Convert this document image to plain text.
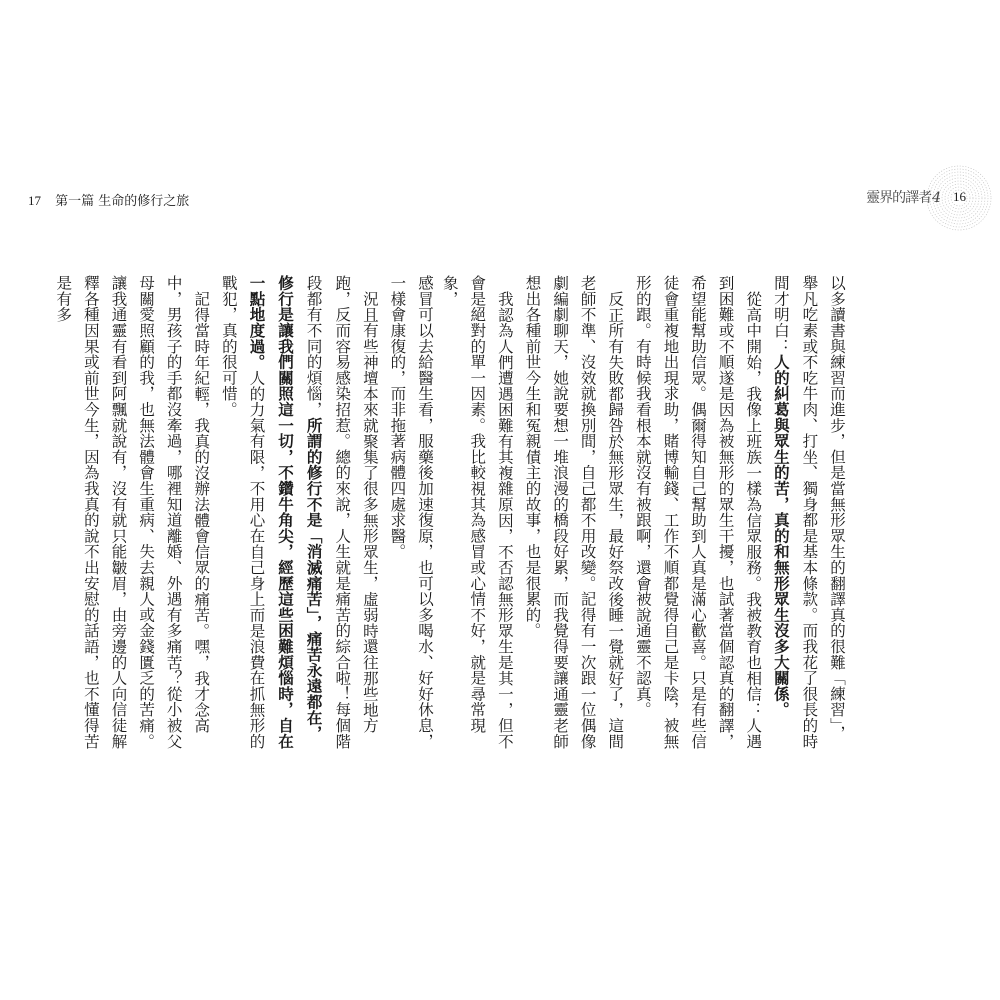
17 第一篇 生命的修行之旅	靈界的譯者4 16

以多讀書與練習而進步，但是當無形眾生的翻譯真的很難「練習」，舉凡吃素或不吃牛肉、打坐、獨身都是基本條款。而我花了很長的時間才明白：人的糾葛與眾生的苦，真的和無形眾生沒多大關係。

從高中開始，我像上班族一樣為信眾服務。我被教育也相信：人遇到困難或不順遂是因為被無形的眾生干擾，也試著當個認真的翻譯，希望能幫助信眾。偶爾得知自己幫助到人真是滿心歡喜。只是有些信徒會重複地出現求助，賭博輸錢、工作不順都覺得自己是卡陰，被無形的跟。有時候我看根本就沒有被跟啊，還會被說通靈不認真。

反正所有失敗都歸咎於無形眾生，最好祭改後睡一覺就好了，這間老師不準、沒效就換別間，自己都不用改變。記得有一次跟一位偶像劇編劇聊天，她說要想一堆浪漫的橋段好累，而我覺得要讓通靈老師想出各種前世今生和冤親債主的故事，也是很累的。

我認為人們遭遇困難有其複雜原因，不否認無形眾生是其一，但不會是絕對的單一因素。我比較視其為感冒或心情不好，就是尋常現象，

感冒可以去給醫生看，服藥後加速復原，也可以多喝水、好好休息，一樣會康復的，而非拖著病體四處求醫。

況且有些神壇本來就聚集了很多無形眾生，虛弱時還往那些地方跑，反而容易感染招惹。總的來說，人生就是痛苦的綜合啦！每個階段都有不同的煩惱，所謂的修行不是「消滅痛苦」，痛苦永遠都在，修行是讓我們關照這一切，不鑽牛角尖，經歷這些困難煩惱時，自在一點地度過。人的力氣有限，不用心在自己身上而是浪費在抓無形的戰犯，真的很可惜。

記得當時年紀輕，我真的沒辦法體會信眾的痛苦。嘿，我才念高中，男孩子的手都沒牽過，哪裡知道離婚、外遇有多痛苦？從小被父母關愛照顧的我，也無法體會生重病、失去親人或金錢匱乏的苦痛。讓我通靈有看到阿飄就說有，沒有就只能皺眉，由旁邊的人向信徒解釋各種因果或前世今生，因為我真的說不出安慰的話語，也不懂得苦是有多
